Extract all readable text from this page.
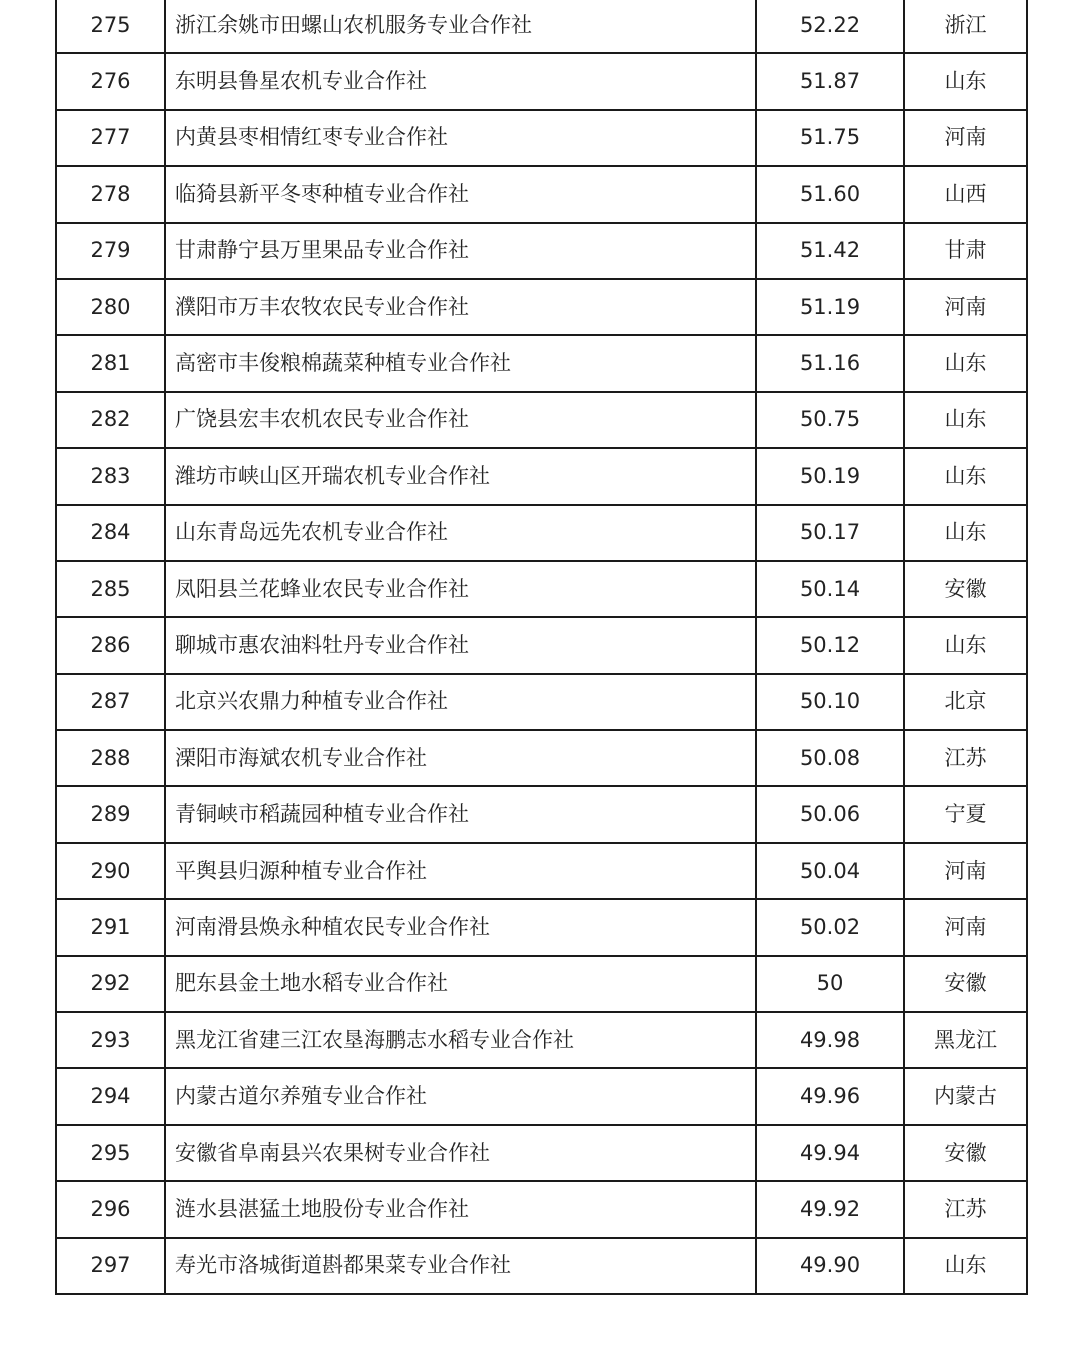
275	浙江余姚市田螺山农机服务专业合作社	52.22	浙江
276	东明县鲁星农机专业合作社	51.87	山东
277	内黄县枣相情红枣专业合作社	51.75	河南
278	临猗县新平冬枣种植专业合作社	51.60	山西
279	甘肃静宁县万里果品专业合作社	51.42	甘肃
280	濮阳市万丰农牧农民专业合作社	51.19	河南
281	高密市丰俊粮棉蔬菜种植专业合作社	51.16	山东
282	广饶县宏丰农机农民专业合作社	50.75	山东
283	潍坊市峡山区开瑞农机专业合作社	50.19	山东
284	山东青岛远先农机专业合作社	50.17	山东
285	凤阳县兰花蜂业农民专业合作社	50.14	安徽
286	聊城市惠农油料牡丹专业合作社	50.12	山东
287	北京兴农鼎力种植专业合作社	50.10	北京
288	溧阳市海斌农机专业合作社	50.08	江苏
289	青铜峡市稻蔬园种植专业合作社	50.06	宁夏
290	平舆县归源种植专业合作社	50.04	河南
291	河南滑县焕永种植农民专业合作社	50.02	河南
292	肥东县金土地水稻专业合作社	50	安徽
293	黑龙江省建三江农垦海鹏志水稻专业合作社	49.98	黑龙江
294	内蒙古道尔养殖专业合作社	49.96	内蒙古
295	安徽省阜南县兴农果树专业合作社	49.94	安徽
296	涟水县湛猛土地股份专业合作社	49.92	江苏
297	寿光市洛城街道斟都果菜专业合作社	49.90	山东
